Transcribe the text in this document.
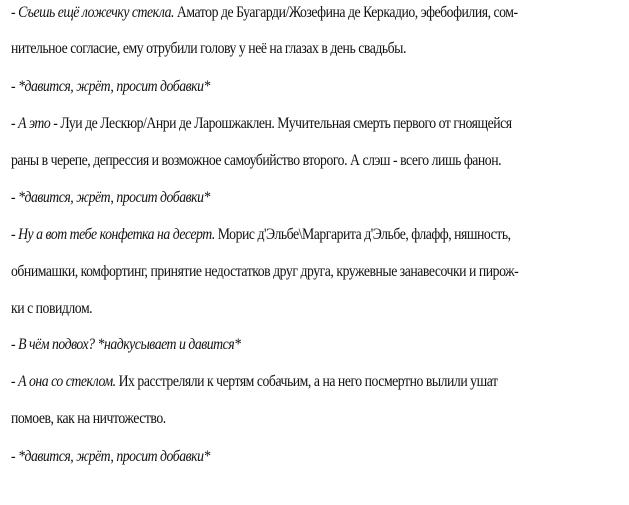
- Съешь ещё ложечку стекла. Аматор де Буагарди/Жозефина де Керкадио, эфебофилия, сом-
нительное согласие, ему отрубили голову у неё на глазах в день свадьбы.
- *давится, жрёт, просит добавки*
- А это - Луи де Лескюр/Анри де Ларошжаклен. Мучительная смерть первого от гноящейся
раны в черепе, депрессия и возможное самоубийство второго. А слэш - всего лишь фанон.
- *давится, жрёт, просит добавки*
- Ну а вот тебе конфетка на десерт. Морис д'Эльбе\Маргарита д'Эльбе, флафф, няшность,
обнимашки, комфортинг, принятие недостатков друг друга, кружевные занавесочки и пирож-
ки с повидлом.
- В чём подвох? *надкусывает и давится*
- А она со стеклом. Их расстреляли к чертям собачьим, а на него посмертно вылили ушат
помоев, как на ничтожество.
- *давится, жрёт, просит добавки*
